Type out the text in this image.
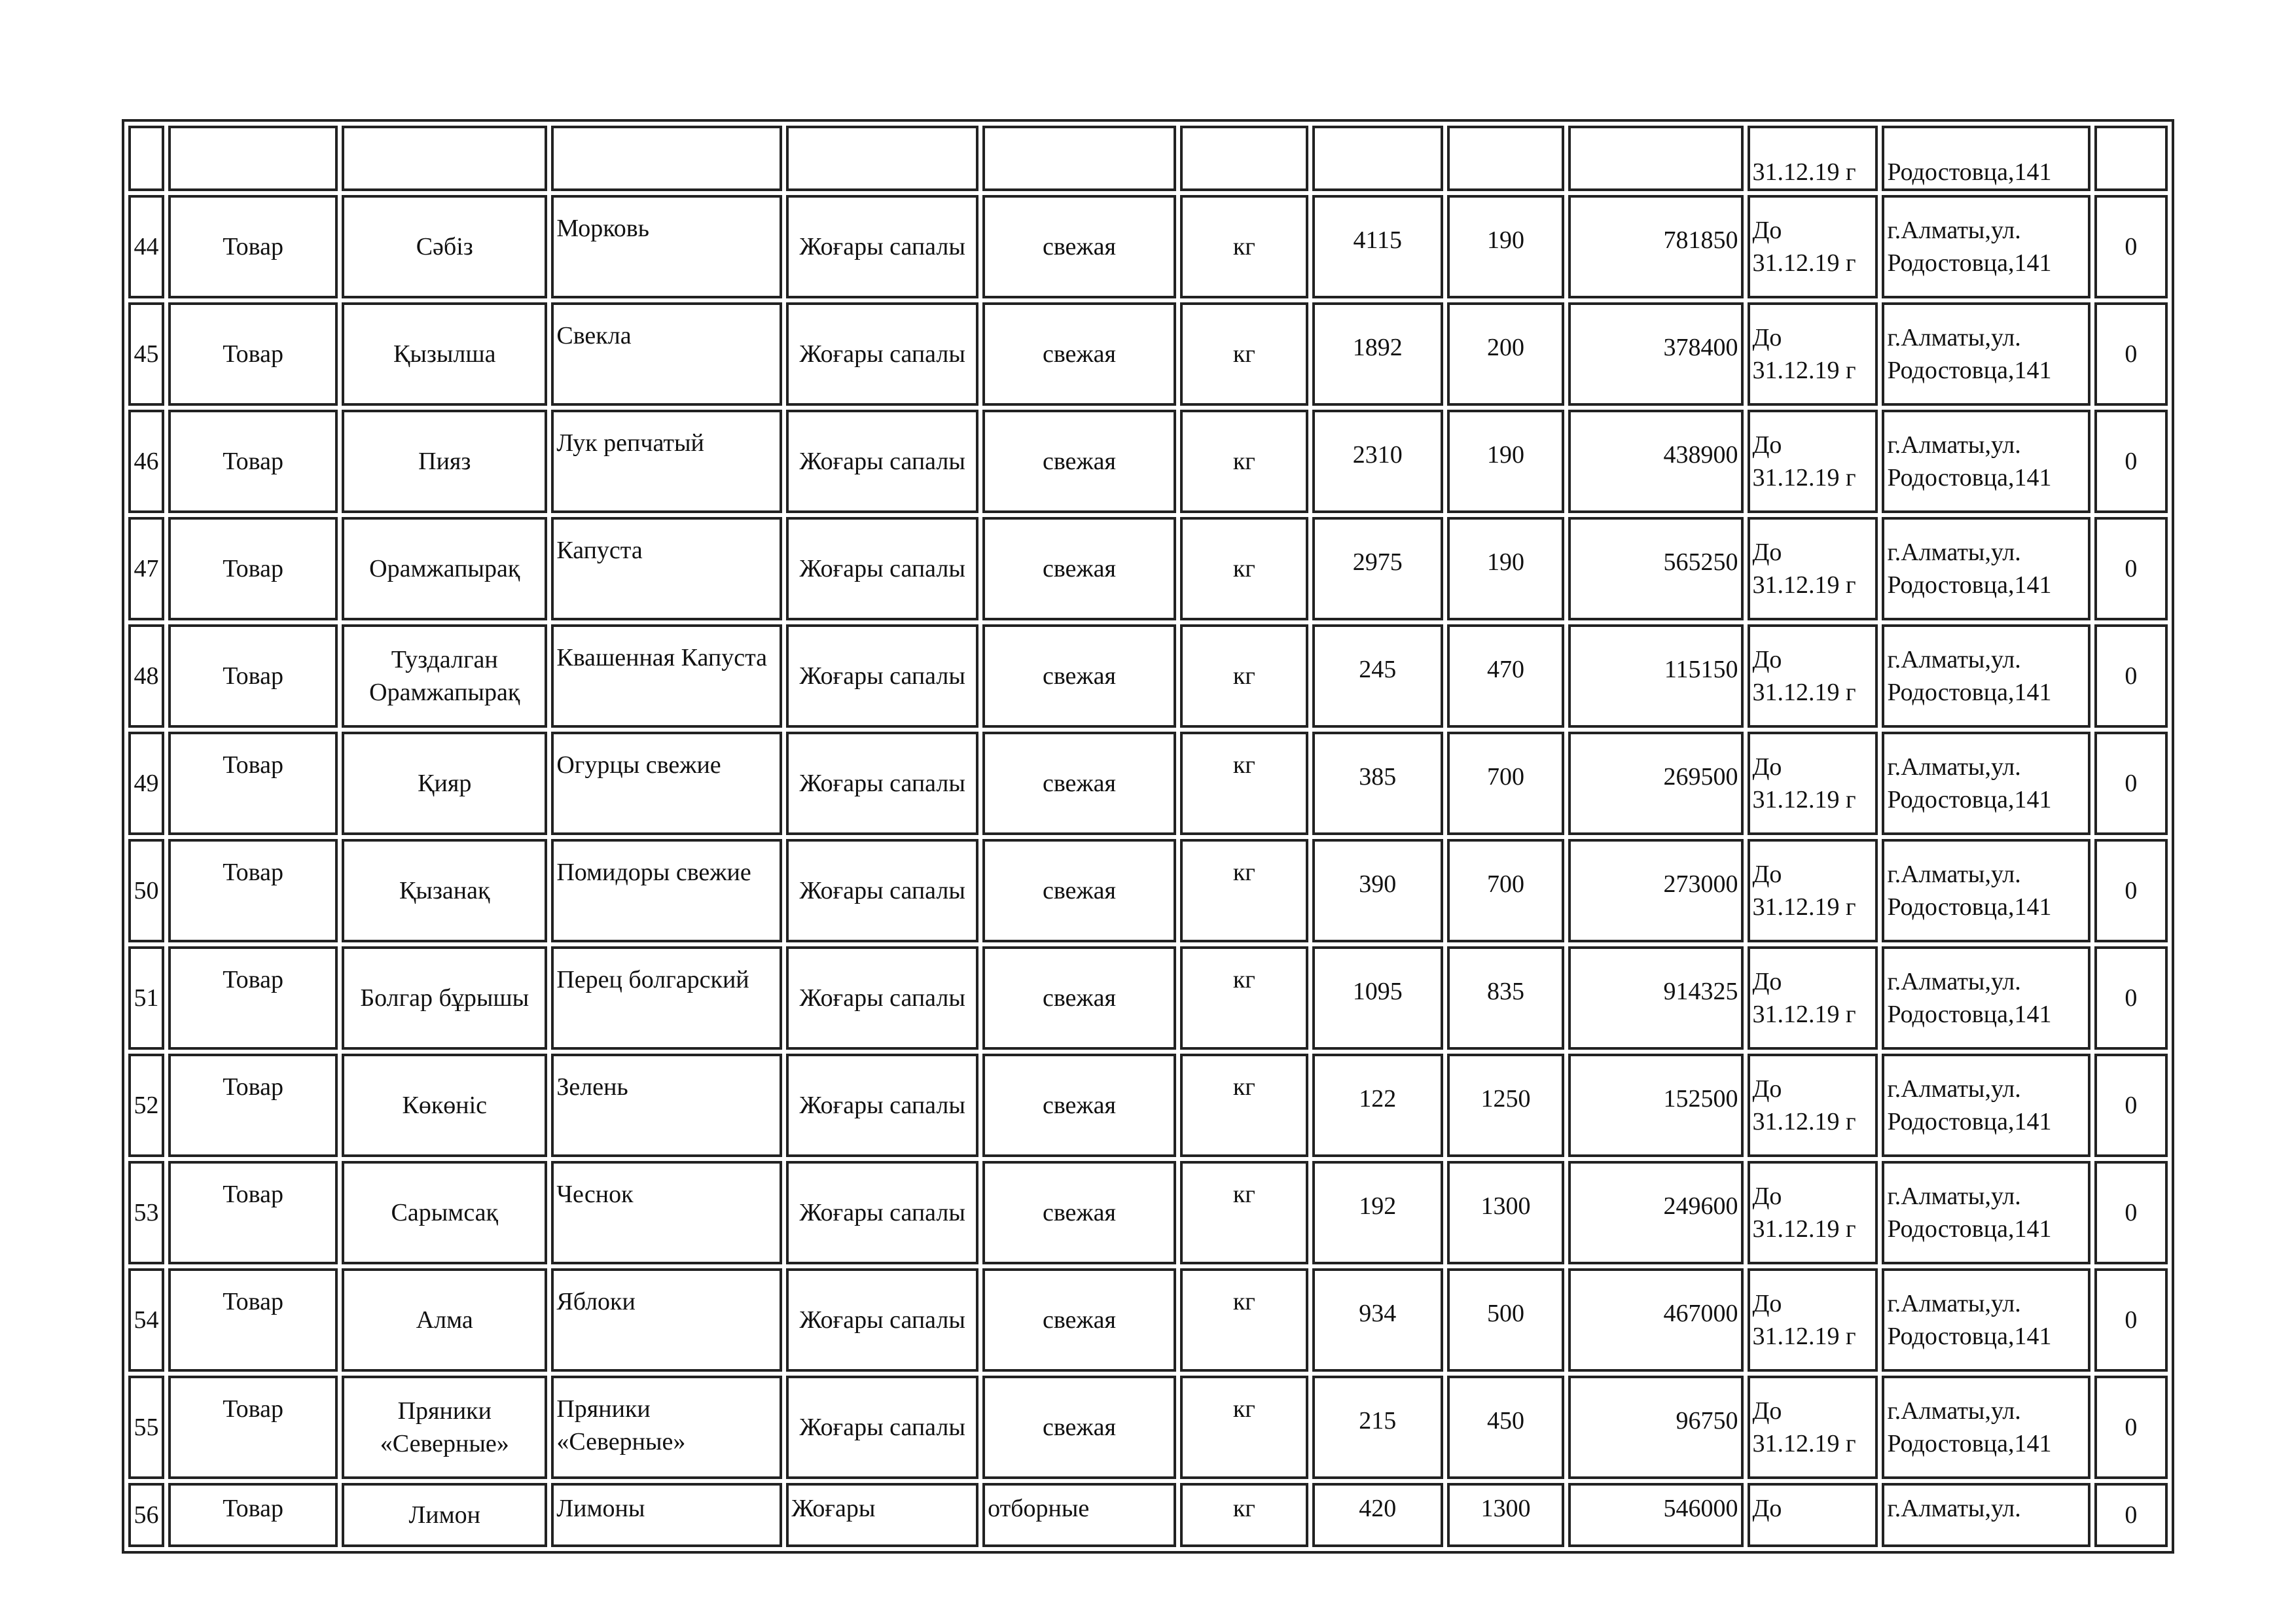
										31.12.19 г	Родостовца,141	
44	Товар	Сәбіз	Морковь	Жоғары сапалы	свежая	кг	4115	190	781850	До 31.12.19 г	г.Алматы,ул. Родостовца,141	0
45	Товар	Қызылша	Свекла	Жоғары сапалы	свежая	кг	1892	200	378400	До 31.12.19 г	г.Алматы,ул. Родостовца,141	0
46	Товар	Пияз	Лук репчатый	Жоғары сапалы	свежая	кг	2310	190	438900	До 31.12.19 г	г.Алматы,ул. Родостовца,141	0
47	Товар	Орамжапырақ	Капуста	Жоғары сапалы	свежая	кг	2975	190	565250	До 31.12.19 г	г.Алматы,ул. Родостовца,141	0
48	Товар	Туздалган Орамжапырақ	Квашенная Капуста	Жоғары сапалы	свежая	кг	245	470	115150	До 31.12.19 г	г.Алматы,ул. Родостовца,141	0
49	Товар	Қияр	Огурцы свежие	Жоғары сапалы	свежая	кг	385	700	269500	До 31.12.19 г	г.Алматы,ул. Родостовца,141	0
50	Товар	Қызанақ	Помидоры свежие	Жоғары сапалы	свежая	кг	390	700	273000	До 31.12.19 г	г.Алматы,ул. Родостовца,141	0
51	Товар	Болгар бұрышы	Перец болгарский	Жоғары сапалы	свежая	кг	1095	835	914325	До 31.12.19 г	г.Алматы,ул. Родостовца,141	0
52	Товар	Көкөніс	Зелень	Жоғары сапалы	свежая	кг	122	1250	152500	До 31.12.19 г	г.Алматы,ул. Родостовца,141	0
53	Товар	Сарымсақ	Чеснок	Жоғары сапалы	свежая	кг	192	1300	249600	До 31.12.19 г	г.Алматы,ул. Родостовца,141	0
54	Товар	Алма	Яблоки	Жоғары сапалы	свежая	кг	934	500	467000	До 31.12.19 г	г.Алматы,ул. Родостовца,141	0
55	Товар	Пряники «Северные»	Пряники «Северные»	Жоғары сапалы	свежая	кг	215	450	96750	До 31.12.19 г	г.Алматы,ул. Родостовца,141	0
56	Товар	Лимон	Лимоны	Жоғары	отборные	кг	420	1300	546000	До	г.Алматы,ул.	0
